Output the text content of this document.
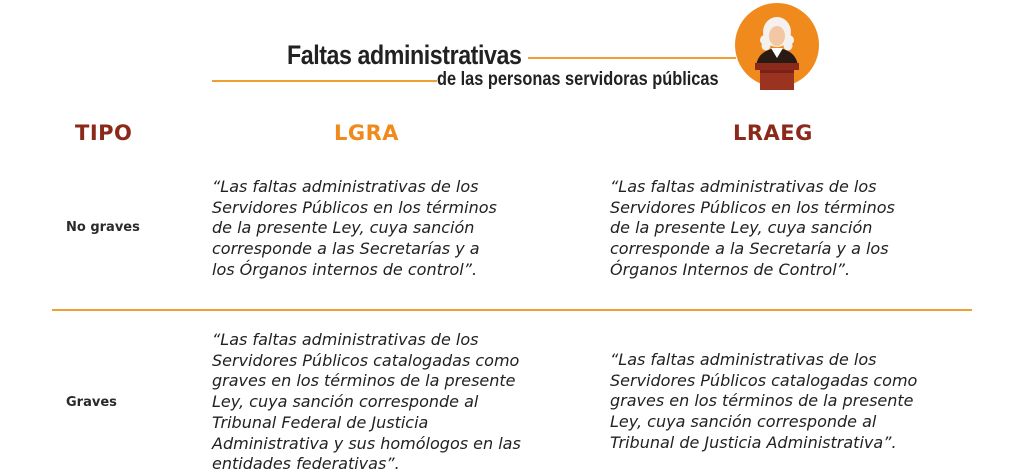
Faltas administrativas
de las personas servidoras públicas
TIPO	LGRA	LRAEG
No graves
“Las faltas administrativas de los
Servidores Públicos en los términos
de la presente Ley, cuya sanción
corresponde a las Secretarías y a
los Órganos internos de control”.
“Las faltas administrativas de los
Servidores Públicos en los términos
de la presente Ley, cuya sanción
corresponde a la Secretaría y a los
Órganos Internos de Control”.
Graves
“Las faltas administrativas de los
Servidores Públicos catalogadas como
graves en los términos de la presente
Ley, cuya sanción corresponde al
Tribunal Federal de Justicia
Administrativa y sus homólogos en las
entidades federativas”.
“Las faltas administrativas de los
Servidores Públicos catalogadas como
graves en los términos de la presente
Ley, cuya sanción corresponde al
Tribunal de Justicia Administrativa”.
